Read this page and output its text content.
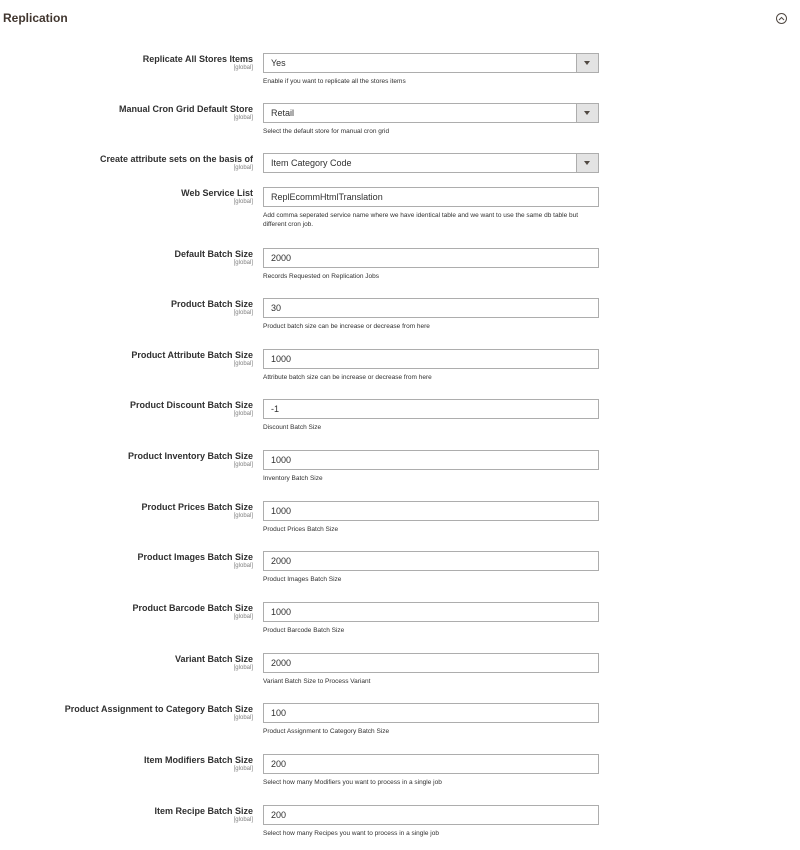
Replication
Replicate All Stores Items
[global]	Yes
Enable if you want to replicate all the stores items
Manual Cron Grid Default Store
[global]	Retail
Select the default store for manual cron grid
Create attribute sets on the basis of
[global]	Item Category Code
Web Service List
[global]	ReplEcommHtmlTranslation
Add comma seperated service name where we have identical table and we want to use the same db table but different cron job.
Default Batch Size
[global]	2000
Records Requested on Replication Jobs
Product Batch Size
[global]	30
Product batch size can be increase or decrease from here
Product Attribute Batch Size
[global]	1000
Attribute batch size can be increase or decrease from here
Product Discount Batch Size
[global]	-1
Discount Batch Size
Product Inventory Batch Size
[global]	1000
Inventory Batch Size
Product Prices Batch Size
[global]	1000
Product Prices Batch Size
Product Images Batch Size
[global]	2000
Product Images Batch Size
Product Barcode Batch Size
[global]	1000
Product Barcode Batch Size
Variant Batch Size
[global]	2000
Variant Batch Size to Process Variant
Product Assignment to Category Batch Size
[global]	100
Product Assignment to Category Batch Size
Item Modifiers Batch Size
[global]	200
Select how many Modifiers you want to process in a single job
Item Recipe Batch Size
[global]	200
Select how many Recipes you want to process in a single job
